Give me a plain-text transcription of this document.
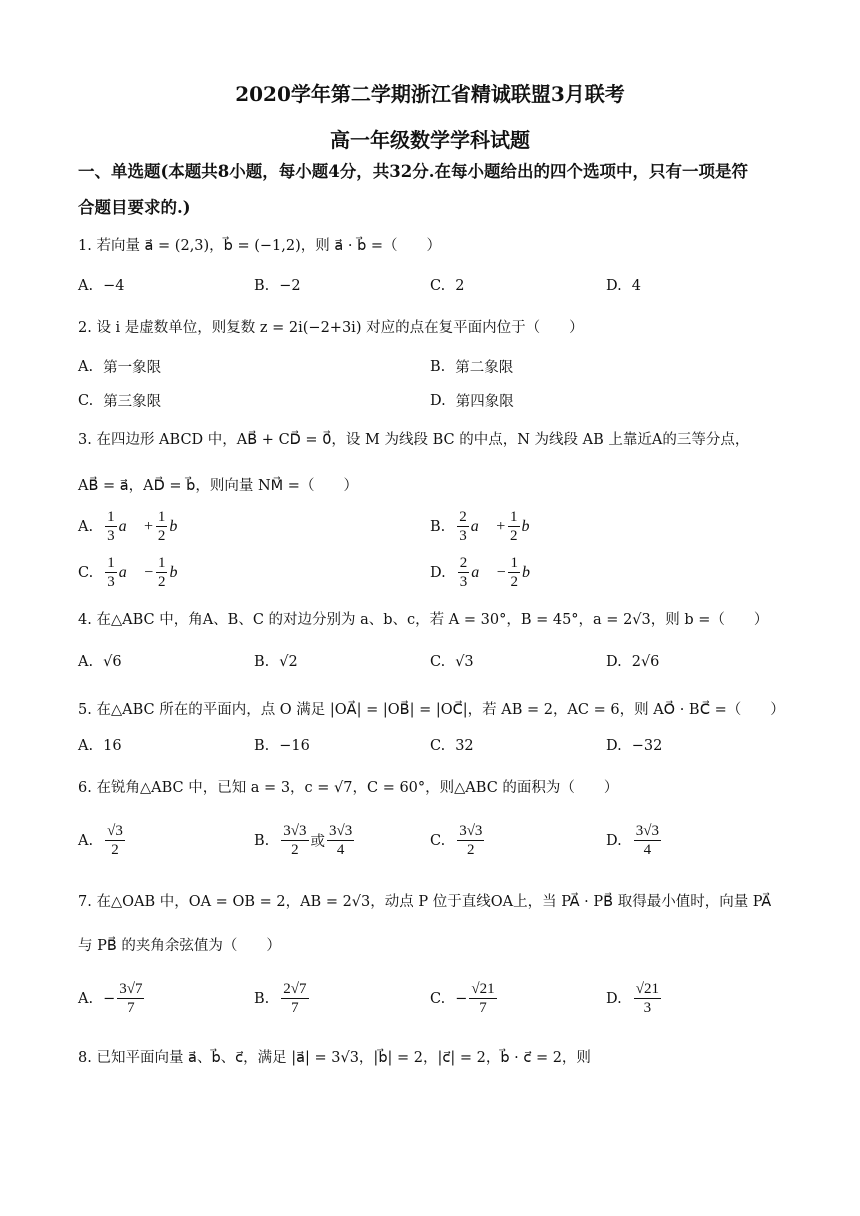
2020学年第二学期浙江省精诚联盟3月联考
高一年级数学学科试题
一、单选题(本题共8小题，每小题4分，共32分.在每小题给出的四个选项中，只有一项是符
合题目要求的.)
1. 若向量 a⃗ = (2,3)，b⃗ = (−1,2)，则 a⃗ · b⃗ =（　　）
A. −4	B. −2	C. 2	D. 4
2. 设 i 是虚数单位，则复数 z = 2i(−2+3i) 对应的点在复平面内位于（　　）
A. 第一象限	B. 第二象限
C. 第三象限	D. 第四象限
3. 在四边形 ABCD 中，AB⃗ + CD⃗ = 0⃗，设 M 为线段 BC 的中点，N 为线段 AB 上靠近A的三等分点，
AB⃗ = a⃗，AD⃗ = b⃗，则向量 NM⃗ =（　　）
A. $\frac{1}{3}$ a⃗ + $\frac{1}{2}$ b⃗	B. $\frac{2}{3}$ a⃗ + $\frac{1}{2}$ b⃗
C. $\frac{1}{3}$ a⃗ − $\frac{1}{2}$ b⃗	D. $\frac{2}{3}$ a⃗ − $\frac{1}{2}$ b⃗
4. 在△ABC 中，角A、B、C 的对边分别为 a、b、c，若 A = 30°，B = 45°，a = 2√3，则 b =（　　）
A. √6	B. √2	C. √3	D. 2√6
5. 在△ABC 所在的平面内，点 O 满足 |OA⃗| = |OB⃗| = |OC⃗|，若 AB = 2，AC = 6，则 AO⃗ · BC⃗ =（　　）
A. 16	B. −16	C. 32	D. −32
6. 在锐角△ABC 中，已知 a = 3，c = √7，C = 60°，则△ABC 的面积为（　　）
A. $\frac{√3}{2}$	B. $\frac{3√3}{2}$ 或 $\frac{3√3}{4}$	C. $\frac{3√3}{2}$	D. $\frac{3√3}{4}$
7. 在△OAB 中，OA = OB = 2，AB = 2√3，动点 P 位于直线OA上，当 PA⃗ · PB⃗ 取得最小值时，向量 PA⃗
与 PB⃗ 的夹角余弦值为（　　）
A. − $\frac{3√7}{7}$	B. $\frac{2√7}{7}$	C. − $\frac{√21}{7}$	D. $\frac{√21}{3}$
8. 已知平面向量 a⃗、b⃗、c⃗，满足 |a⃗| = 3√3，|b⃗| = 2，|c⃗| = 2，b⃗ · c⃗ = 2，则
